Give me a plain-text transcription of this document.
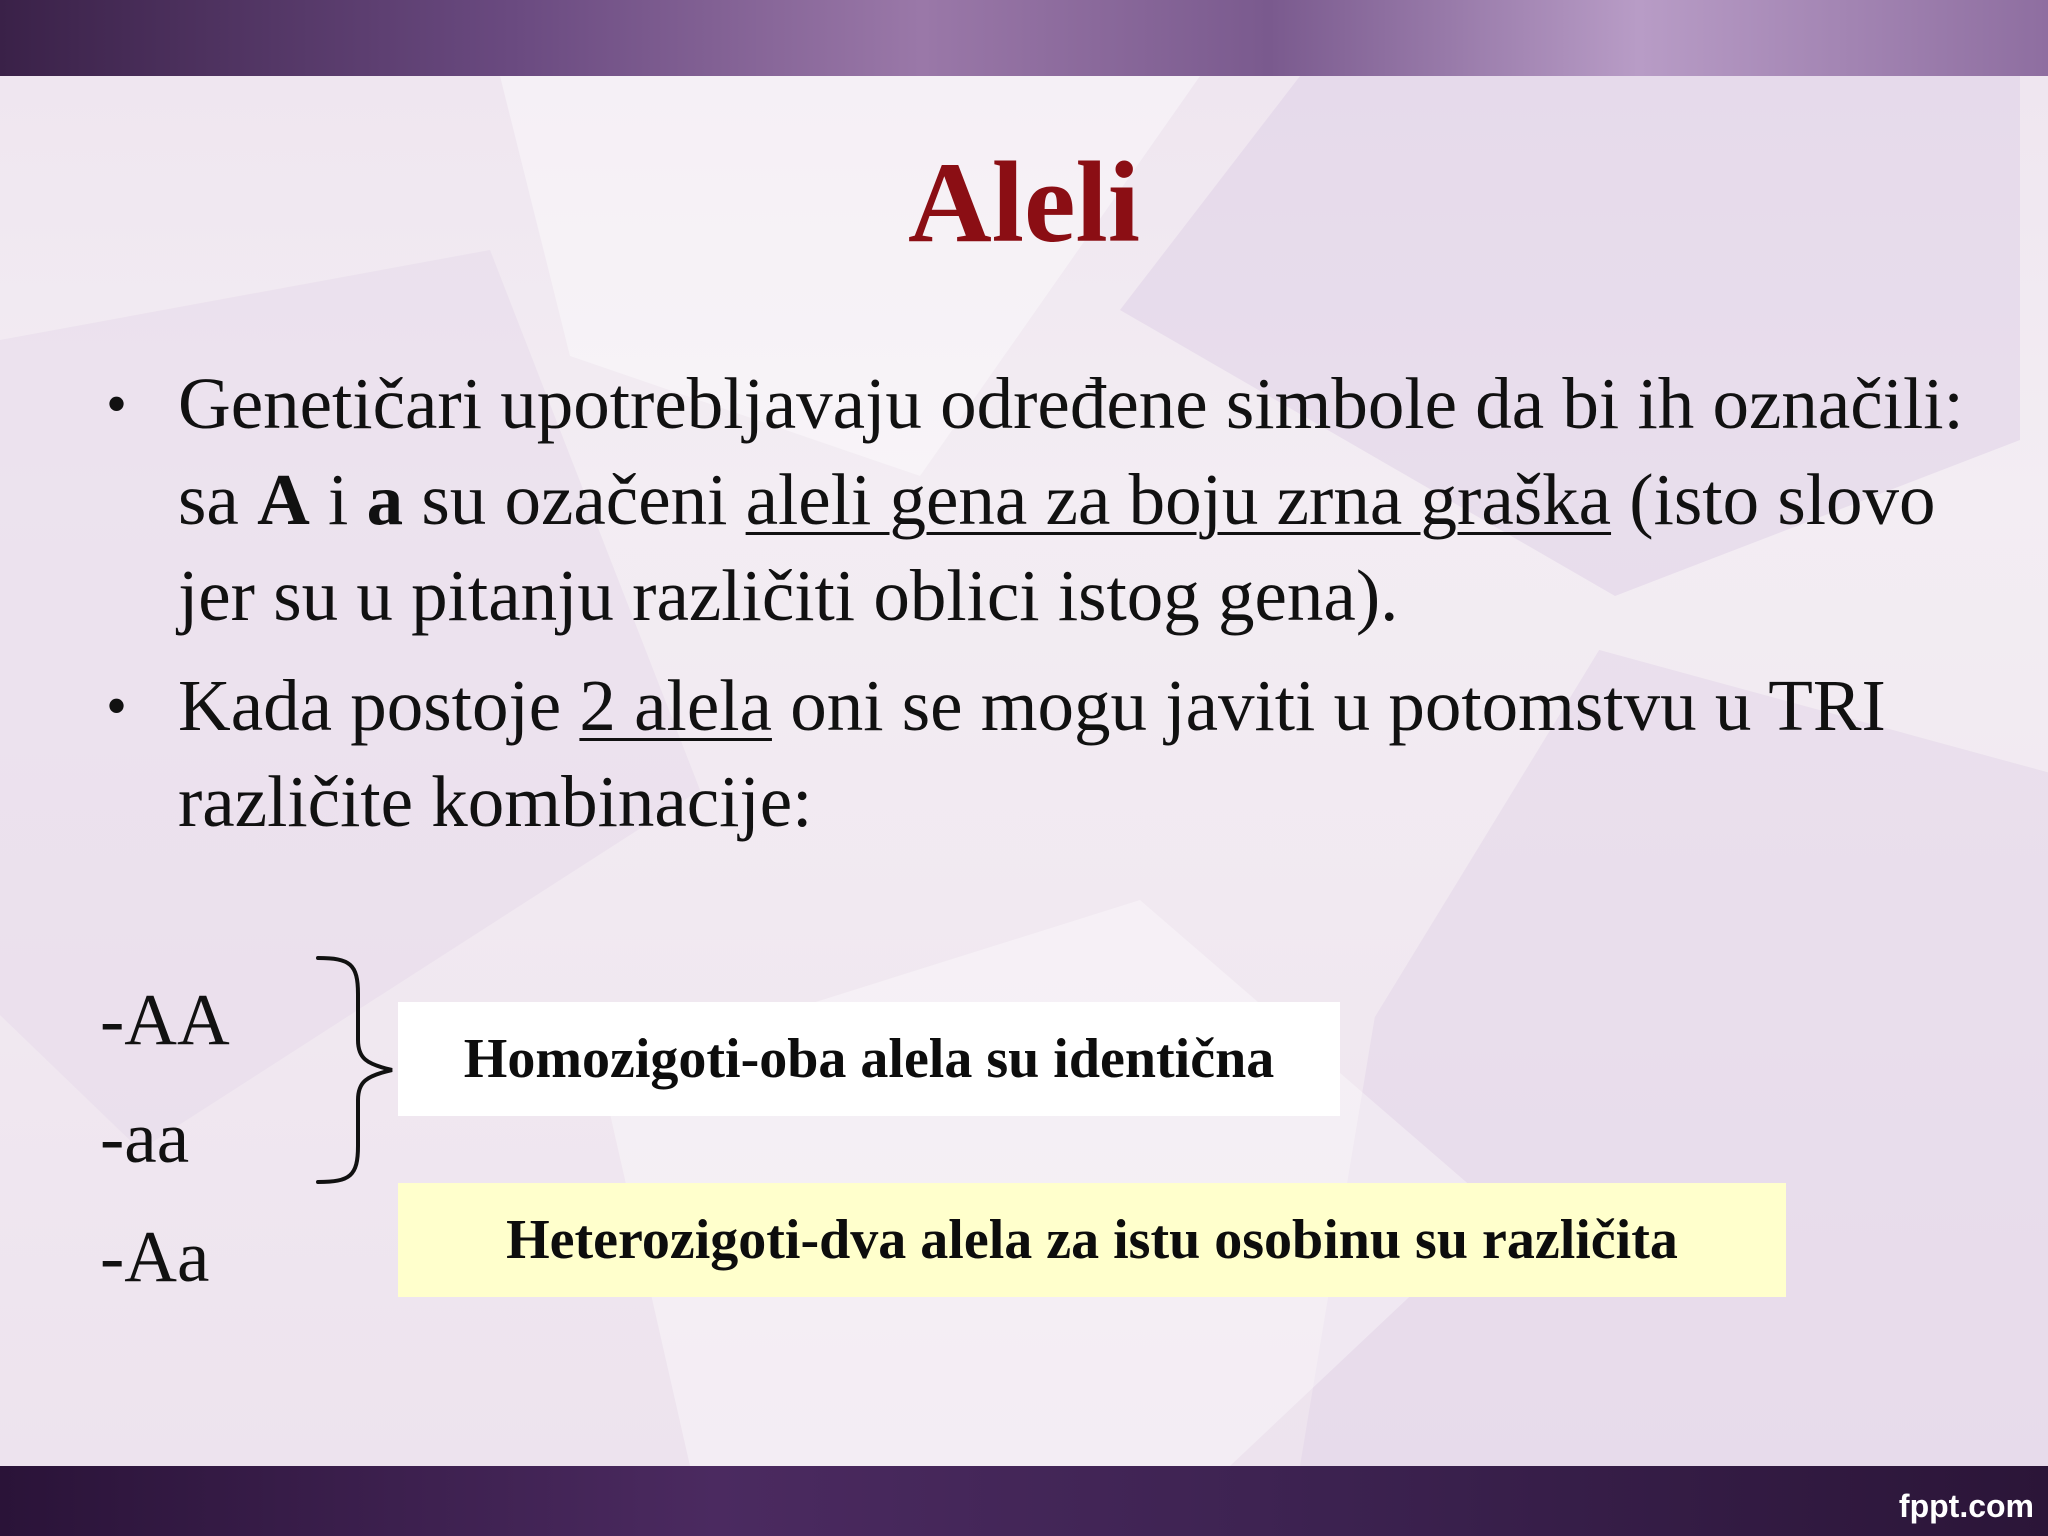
Aleli
• Genetičari upotrebljavaju određene simbole da bi ih označili: sa A i a su ozačeni aleli gena za boju zrna graška (isto slovo jer su u pitanju različiti oblici istog gena).
• Kada postoje 2 alela oni se mogu javiti u potomstvu u TRI različite kombinacije:
-AA
-aa
-Aa
Homozigoti-oba alela su identična
Heterozigoti-dva alela za istu osobinu su različita
fppt.com
